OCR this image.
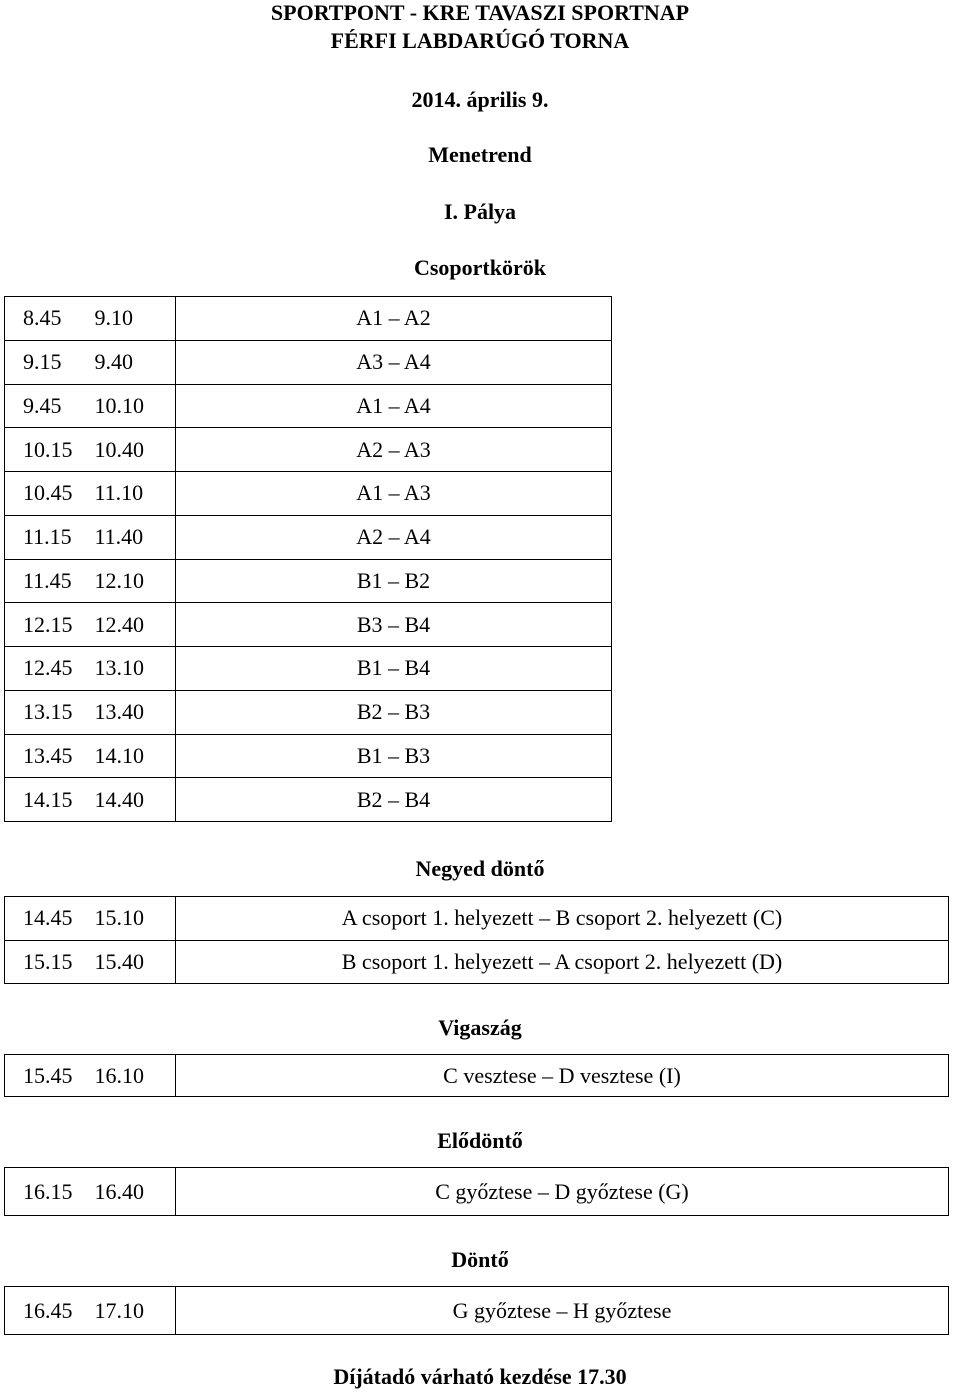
SPORTPONT - KRE TAVASZI SPORTNAP
FÉRFI LABDARÚGÓ TORNA
2014. április 9.
Menetrend
I. Pálya
Csoportkörök
8.45 9.10	A1 – A2
9.15 9.40	A3 – A4
9.45 10.10	A1 – A4
10.15 10.40	A2 – A3
10.45 11.10	A1 – A3
11.15 11.40	A2 – A4
11.45 12.10	B1 – B2
12.15 12.40	B3 – B4
12.45 13.10	B1 – B4
13.15 13.40	B2 – B3
13.45 14.10	B1 – B3
14.15 14.40	B2 – B4
Negyed döntő
14.45 15.10	A csoport 1. helyezett – B csoport 2. helyezett (C)
15.15 15.40	B csoport 1. helyezett – A csoport 2. helyezett (D)
Vigaszág
15.45 16.10	C vesztese – D vesztese (I)
Elődöntő
16.15 16.40	C győztese – D győztese (G)
Döntő
16.45 17.10	G győztese – H győztese
Díjátadó várható kezdése 17.30
